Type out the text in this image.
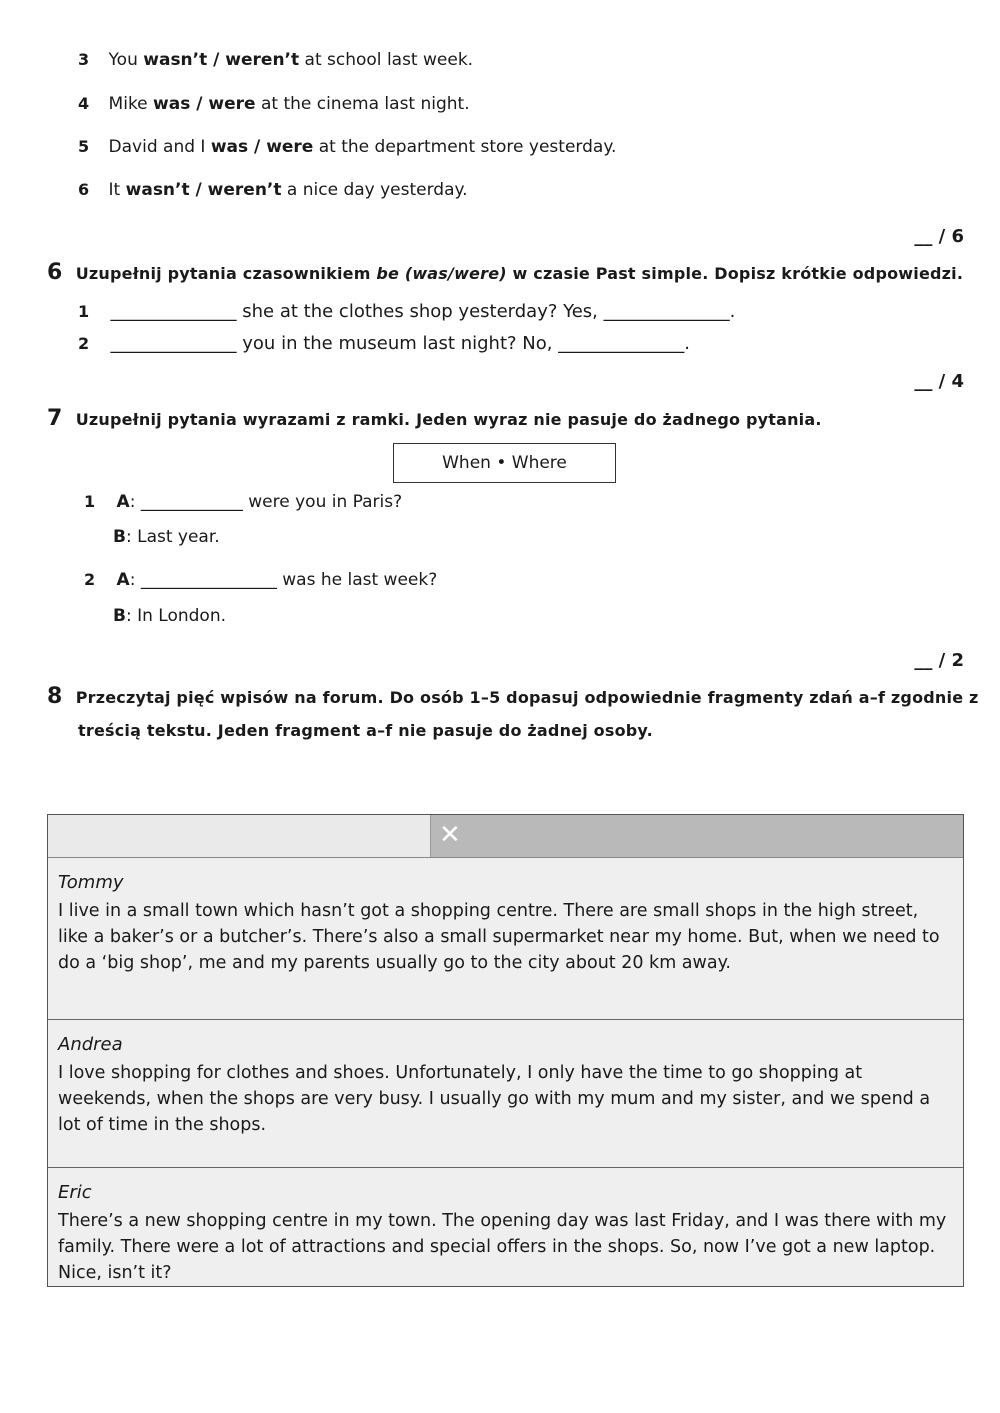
3 You wasn’t / weren’t at school last week.
4 Mike was / were at the cinema last night.
5 David and I was / were at the department store yesterday.
6 It wasn’t / weren’t a nice day yesterday.
__ / 6
6 Uzupełnij pytania czasownikiem be (was/were) w czasie Past simple. Dopisz krótkie odpowiedzi.
1 ______________ she at the clothes shop yesterday? Yes, ______________.
2 ______________ you in the museum last night? No, ______________.
__ / 4
7 Uzupełnij pytania wyrazami z ramki. Jeden wyraz nie pasuje do żadnego pytania.
When • Where
1 A: ____________ were you in Paris?
B: Last year.
2 A: ________________ was he last week?
B: In London.
__ / 2
8 Przeczytaj pięć wpisów na forum. Do osób 1–5 dopasuj odpowiednie fragmenty zdań a–f zgodnie z
treścią tekstu. Jeden fragment a–f nie pasuje do żadnej osoby.
✕
Tommy
I live in a small town which hasn’t got a shopping centre. There are small shops in the high street, like a baker’s or a butcher’s. There’s also a small supermarket near my home. But, when we need to do a ‘big shop’, me and my parents usually go to the city about 20 km away.
Andrea
I love shopping for clothes and shoes. Unfortunately, I only have the time to go shopping at weekends, when the shops are very busy. I usually go with my mum and my sister, and we spend a lot of time in the shops.
Eric
There’s a new shopping centre in my town. The opening day was last Friday, and I was there with my family. There were a lot of attractions and special offers in the shops. So, now I’ve got a new laptop. Nice, isn’t it?
